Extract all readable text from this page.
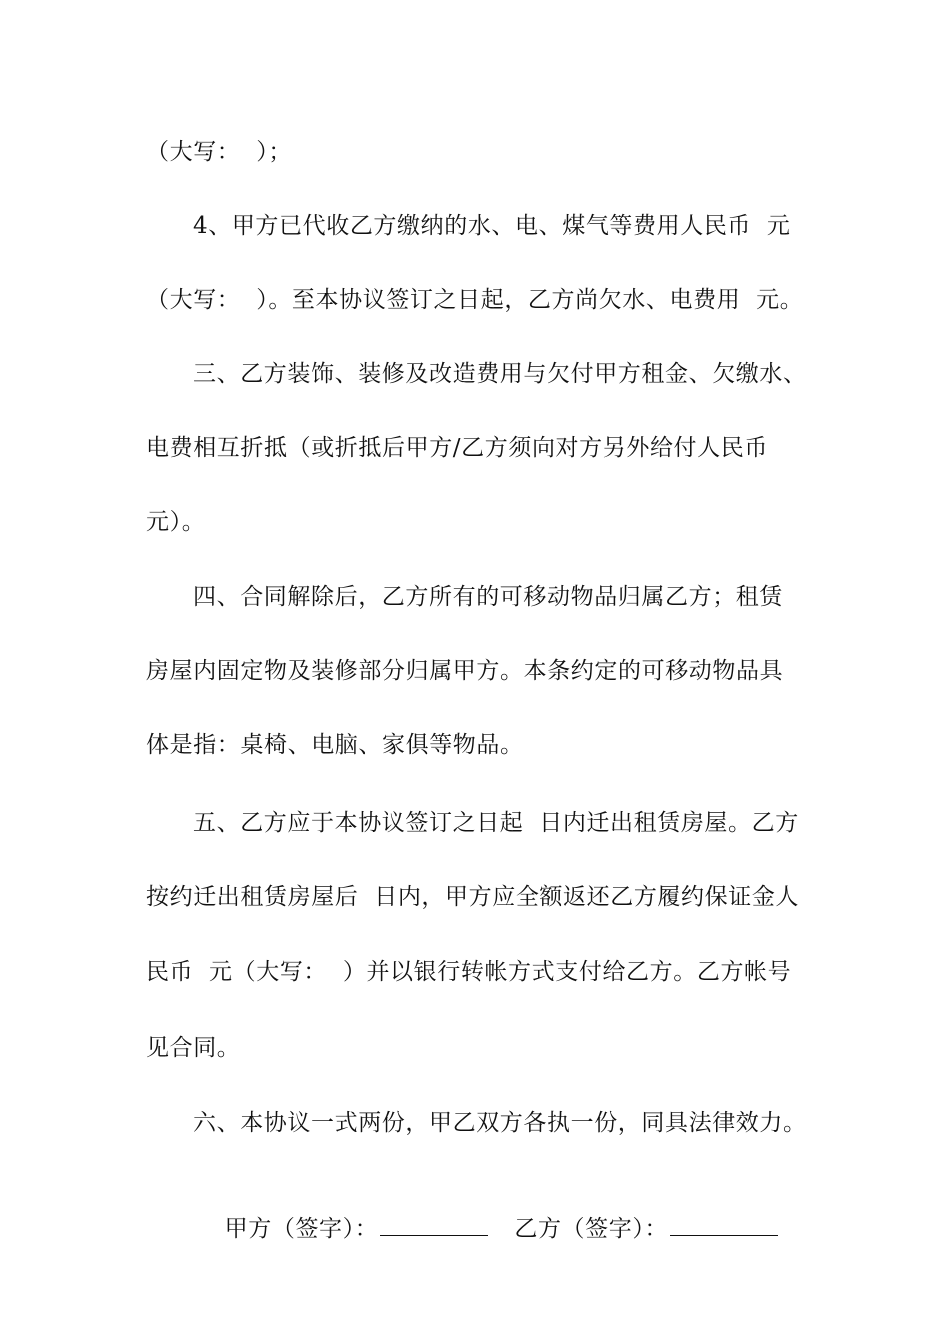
（大写：  ）；
4、甲方已代收乙方缴纳的水、电、煤气等费用人民币  元
（大写：  ）。至本协议签订之日起，乙方尚欠水、电费用  元。
三、乙方装饰、装修及改造费用与欠付甲方租金、欠缴水、
电费相互折抵（或折抵后甲方/乙方须向对方另外给付人民币
元）。
四、合同解除后，乙方所有的可移动物品归属乙方；租赁
房屋内固定物及装修部分归属甲方。本条约定的可移动物品具
体是指：桌椅、电脑、家俱等物品。
五、乙方应于本协议签订之日起  日内迁出租赁房屋。乙方
按约迁出租赁房屋后  日内，甲方应全额返还乙方履约保证金人
民币  元（大写：  ）并以银行转帐方式支付给乙方。乙方帐号
见合同。
六、本协议一式两份，甲乙双方各执一份，同具法律效力。

甲方（签字）：	乙方（签字）：
